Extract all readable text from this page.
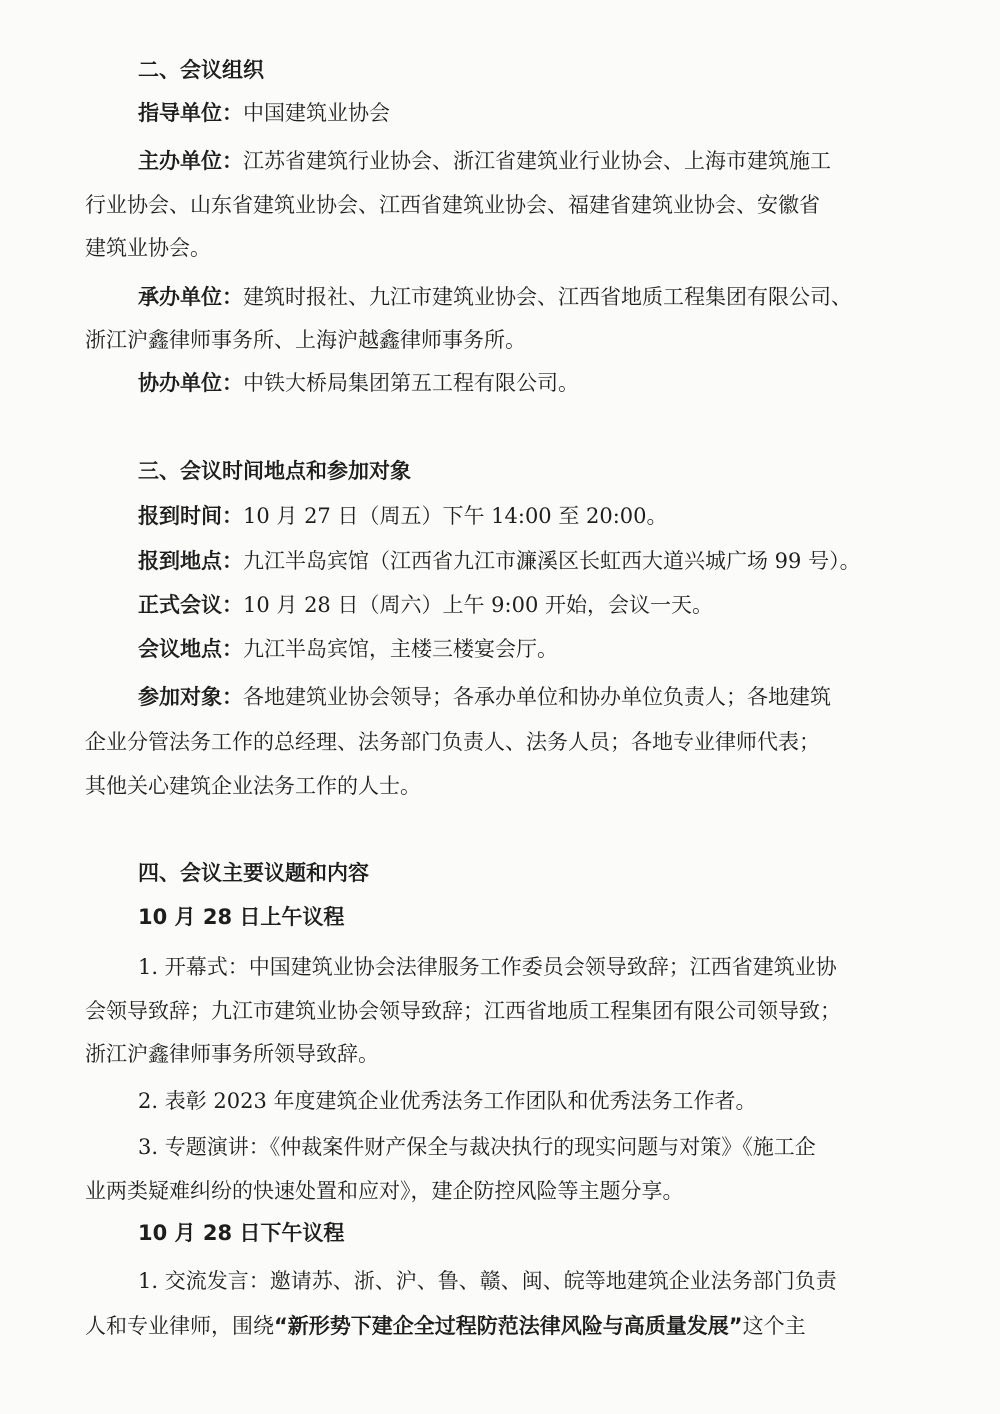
二、会议组织
指导单位：中国建筑业协会
主办单位：江苏省建筑行业协会、浙江省建筑业行业协会、上海市建筑施工
行业协会、山东省建筑业协会、江西省建筑业协会、福建省建筑业协会、安徽省
建筑业协会。
承办单位：建筑时报社、九江市建筑业协会、江西省地质工程集团有限公司、
浙江沪鑫律师事务所、上海沪越鑫律师事务所。
协办单位：中铁大桥局集团第五工程有限公司。
三、会议时间地点和参加对象
报到时间：10 月 27 日（周五）下午 14:00 至 20:00。
报到地点：九江半岛宾馆（江西省九江市濂溪区长虹西大道兴城广场 99 号）。
正式会议：10 月 28 日（周六）上午 9:00 开始，会议一天。
会议地点：九江半岛宾馆，主楼三楼宴会厅。
参加对象：各地建筑业协会领导；各承办单位和协办单位负责人；各地建筑
企业分管法务工作的总经理、法务部门负责人、法务人员；各地专业律师代表；
其他关心建筑企业法务工作的人士。
四、会议主要议题和内容
10 月 28 日上午议程
1. 开幕式：中国建筑业协会法律服务工作委员会领导致辞；江西省建筑业协
会领导致辞；九江市建筑业协会领导致辞；江西省地质工程集团有限公司领导致；
浙江沪鑫律师事务所领导致辞。
2. 表彰 2023 年度建筑企业优秀法务工作团队和优秀法务工作者。
3. 专题演讲：《仲裁案件财产保全与裁决执行的现实问题与对策》《施工企
业两类疑难纠纷的快速处置和应对》，建企防控风险等主题分享。
10 月 28 日下午议程
1. 交流发言：邀请苏、浙、沪、鲁、赣、闽、皖等地建筑企业法务部门负责
人和专业律师，围绕“新形势下建企全过程防范法律风险与高质量发展”这个主
